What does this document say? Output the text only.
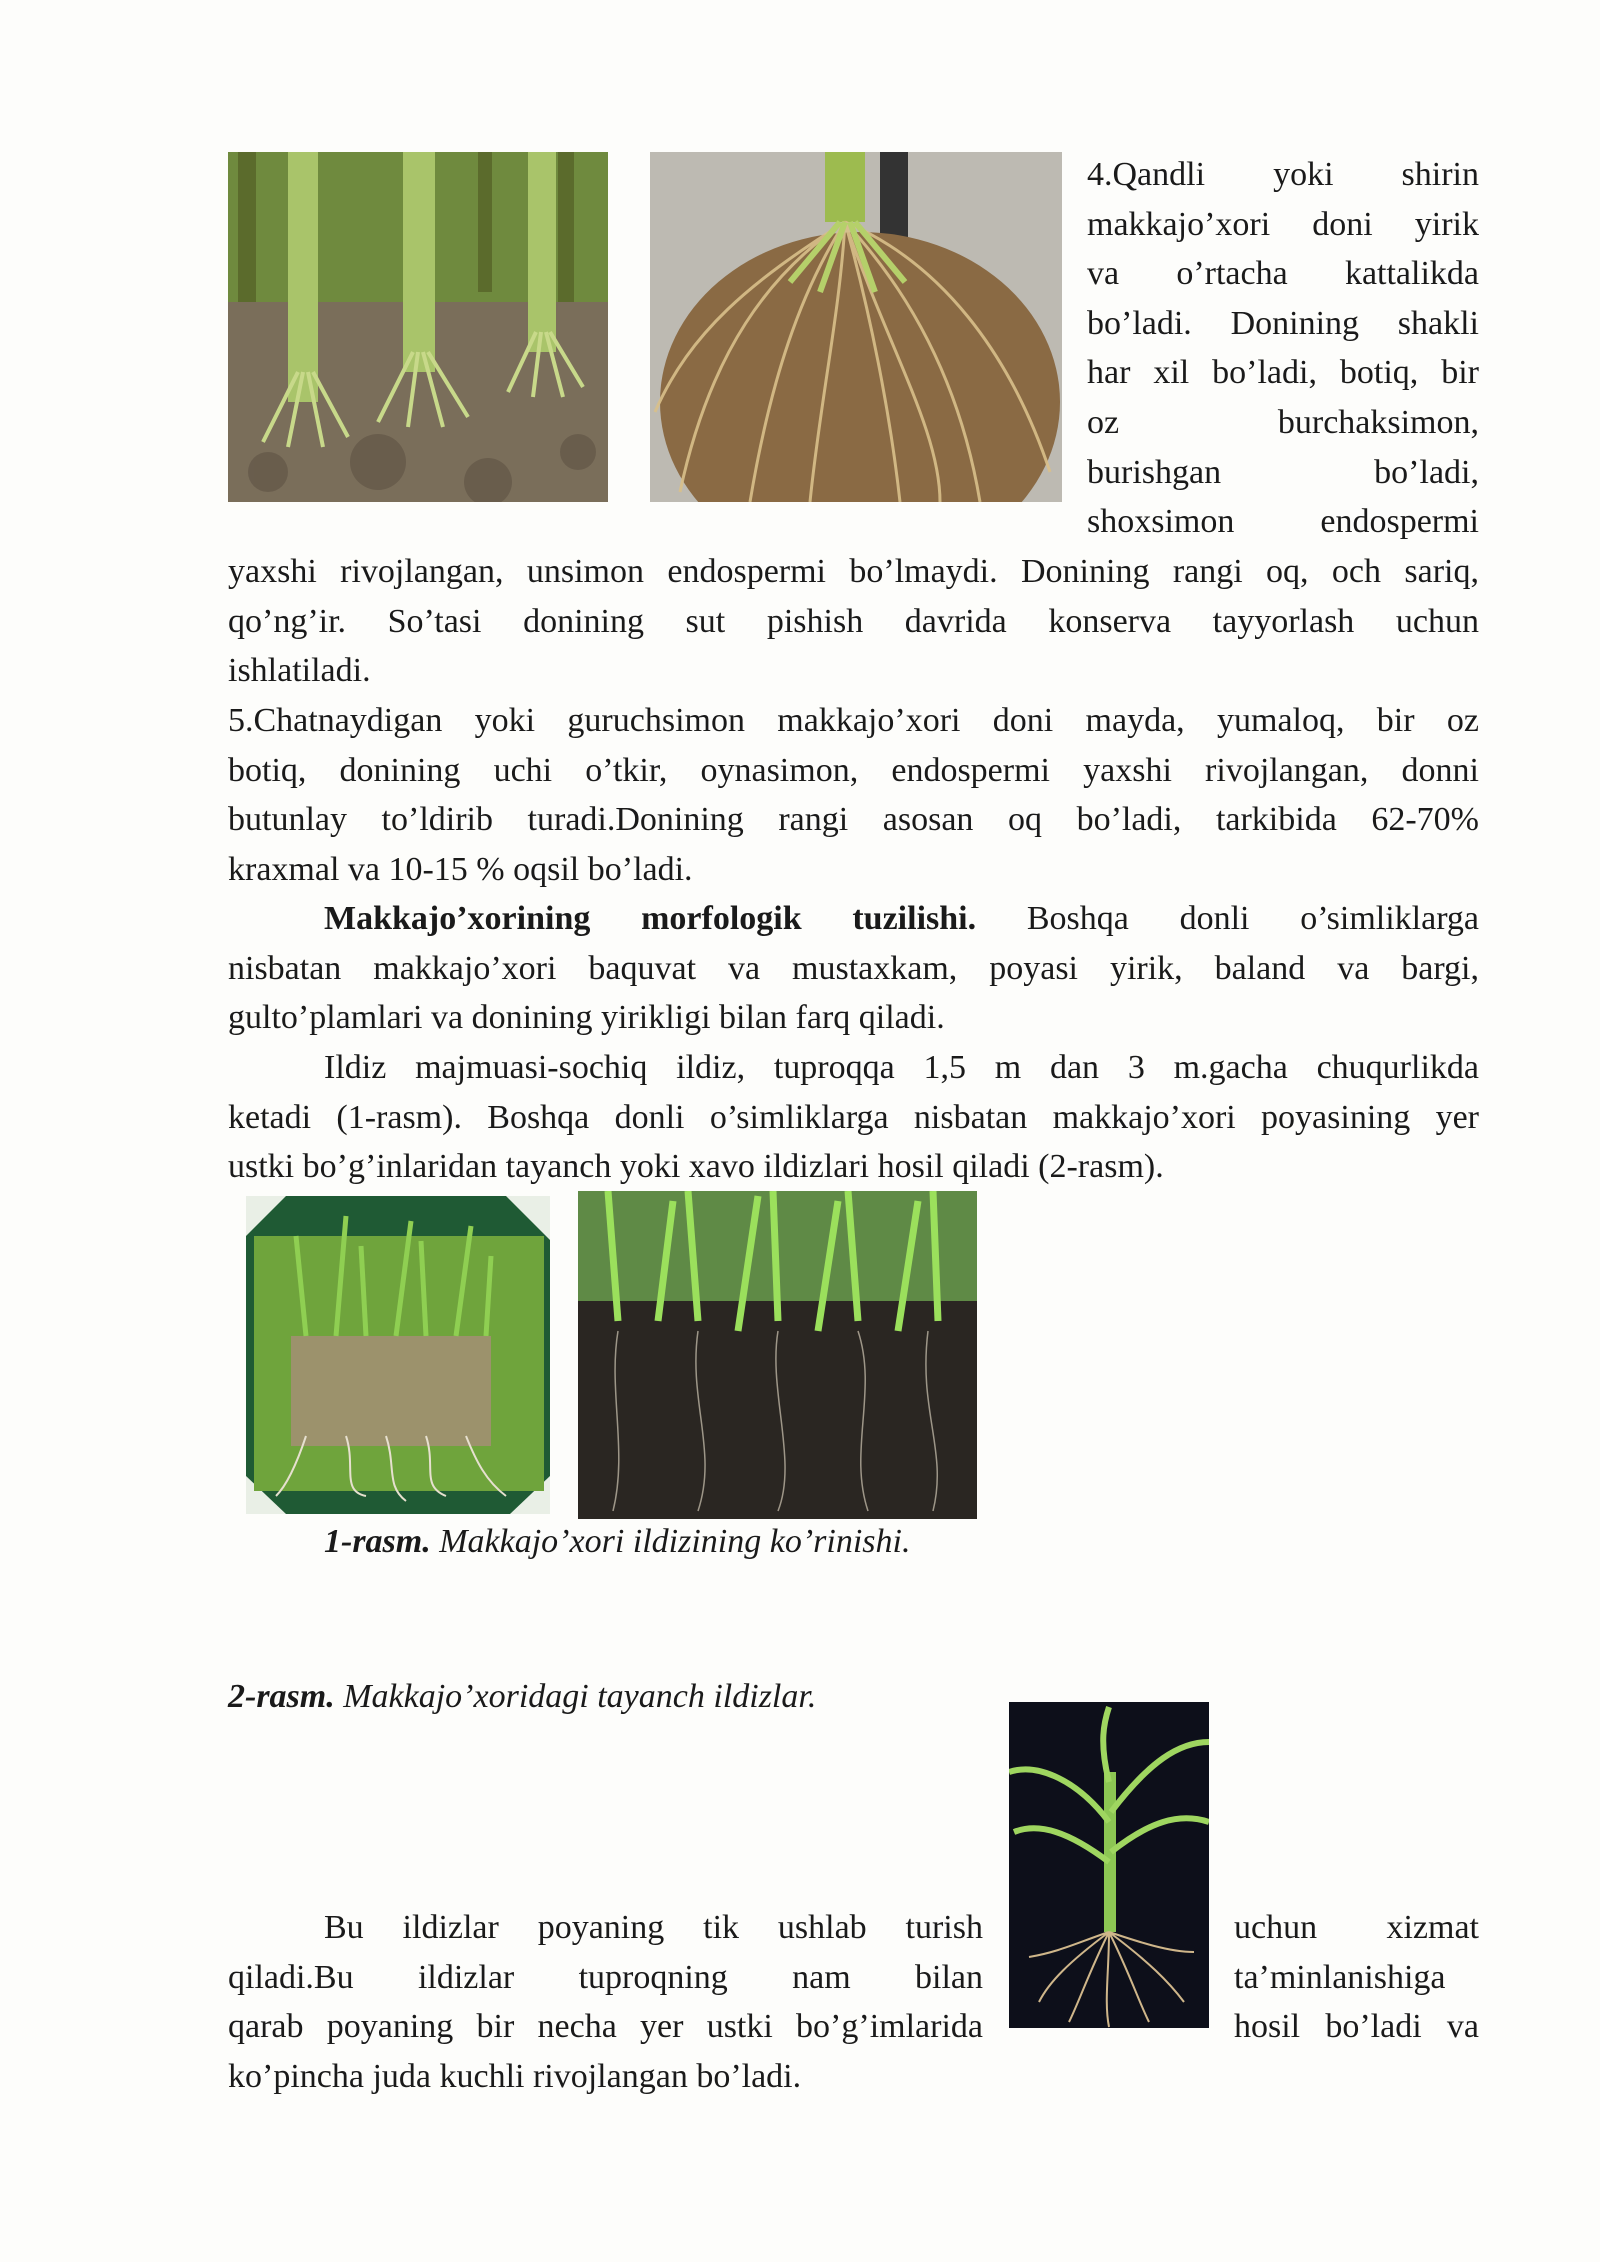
4.Qandli yoki shirin
makkajo’xori doni yirik
va o’rtacha kattalikda
bo’ladi. Donining shakli
har xil bo’ladi, botiq, bir
oz burchaksimon,
burishgan bo’ladi,
shoxsimon endospermi
yaxshi rivojlangan, unsimon endospermi bo’lmaydi. Donining rangi oq, och sariq,
qo’ng’ir. So’tasi donining sut pishish davrida konserva tayyorlash uchun
ishlatiladi.
5.Chatnaydigan yoki guruchsimon makkajo’xori doni mayda, yumaloq, bir oz
botiq, donining uchi o’tkir, oynasimon, endospermi yaxshi rivojlangan, donni
butunlay to’ldirib turadi.Donining rangi asosan oq bo’ladi, tarkibida 62-70%
kraxmal va 10-15 % oqsil bo’ladi.
Makkajo’xorining morfologik tuzilishi. Boshqa donli o’simliklarga
nisbatan makkajo’xori baquvat va mustaxkam, poyasi yirik, baland va bargi,
gulto’plamlari va donining yirikligi bilan farq qiladi.
Ildiz majmuasi-sochiq ildiz, tuproqqa 1,5 m dan 3 m.gacha chuqurlikda
ketadi (1-rasm). Boshqa donli o’simliklarga nisbatan makkajo’xori poyasining yer
ustki bo’g’inlaridan tayanch yoki xavo ildizlari hosil qiladi (2-rasm).
1-rasm. Makkajo’xori ildizining ko’rinishi.
2-rasm. Makkajo’xoridagi tayanch ildizlar.
Bu ildizlar poyaning tik ushlab turish
qiladi.Bu ildizlar tuproqning nam bilan
qarab poyaning bir necha yer ustki bo’g’imlarida
uchun xizmat
ta’minlanishiga
hosil bo’ladi va
ko’pincha juda kuchli rivojlangan bo’ladi.
